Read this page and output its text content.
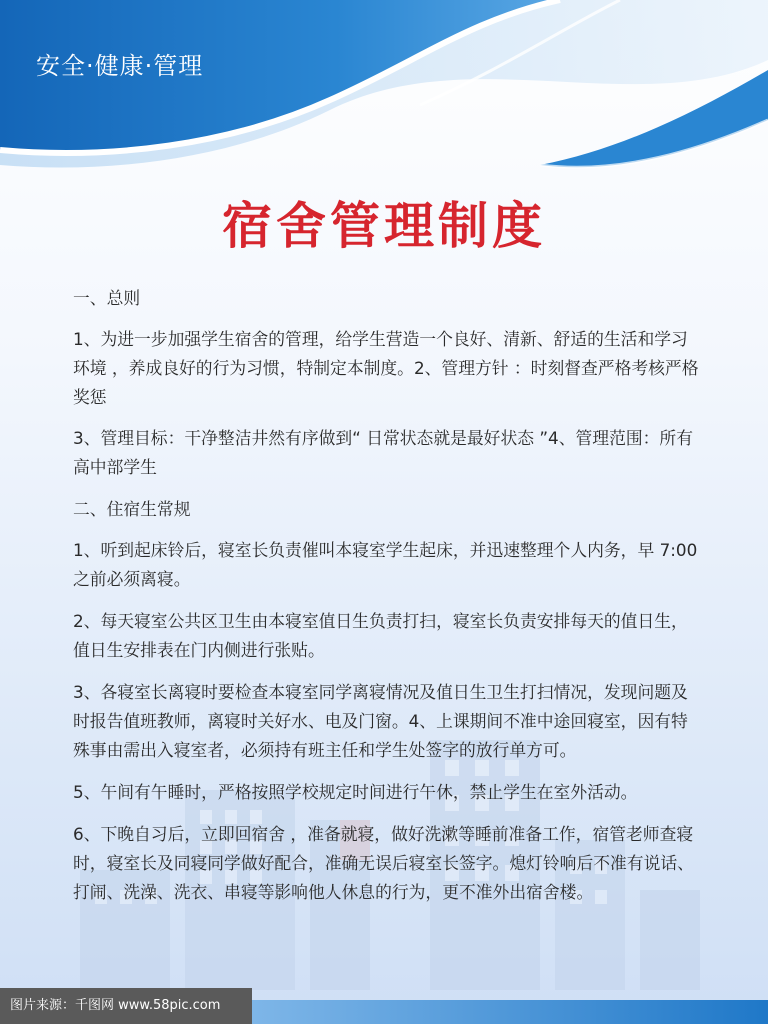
安全·健康·管理
宿舍管理制度

一、总则

1、为进一步加强学生宿舍的管理，给学生营造一个良好、清新、舒适的生活和学习环境 ，养成良好的行为习惯，特制定本制度。2、管理方针 ：时刻督查严格考核严格奖惩

3、管理目标：干净整洁井然有序做到“ 日常状态就是最好状态 ”4、管理范围：所有高中部学生

二、住宿生常规

1、听到起床铃后，寝室长负责催叫本寝室学生起床，并迅速整理个人内务，早 7:00 之前必须离寝。

2、每天寝室公共区卫生由本寝室值日生负责打扫，寝室长负责安排每天的值日生，值日生安排表在门内侧进行张贴。

3、各寝室长离寝时要检查本寝室同学离寝情况及值日生卫生打扫情况，发现问题及时报告值班教师，离寝时关好水、电及门窗。4、上课期间不准中途回寝室，因有特殊事由需出入寝室者，必须持有班主任和学生处签字的放行单方可。

5、午间有午睡时，严格按照学校规定时间进行午休，禁止学生在室外活动。

6、下晚自习后，立即回宿舍 ，准备就寝，做好洗漱等睡前准备工作，宿管老师查寝时，寝室长及同寝同学做好配合，准确无误后寝室长签字。熄灯铃响后不准有说话、打闹、洗澡、洗衣、串寝等影响他人休息的行为，更不准外出宿舍楼。

图片来源：千图网 www.58pic.com
